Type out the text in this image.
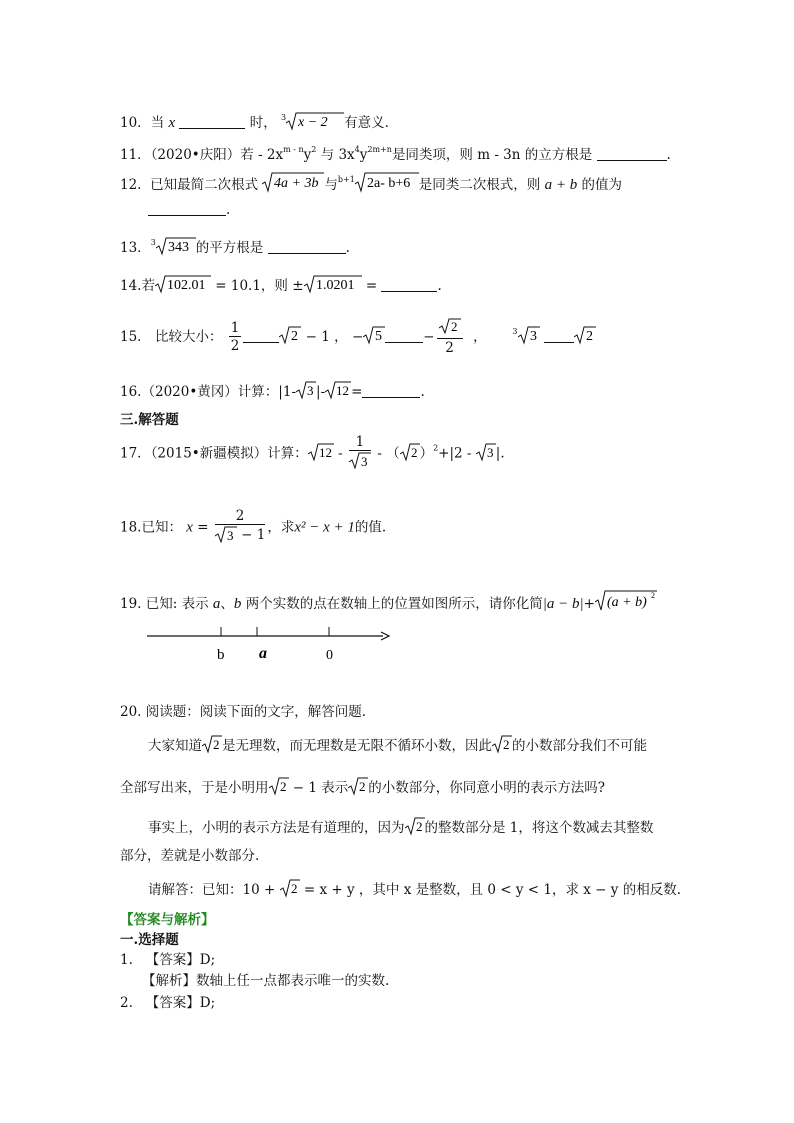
10．当 x	时， $^3$ x − 2 有意义.
11．（2020•庆阳）若 - $2x^{m - n}y^2$ 与 $3x^4y^{2m+n}$是同类项，则 m - 3n 的立方根是	.
12. 已知最简二次根式 4a + 3b 与$^{b+1}$ 2a- b+6 是同类二次根式，则 a + b 的值为
.
13．$^3$ 343 的平方根是	.
14.若 102.01 = 10.1，则 ± 1.0201 =	.
15． 比较大小： $\frac{1}{2}$	2 − 1 ， − 5	− $\frac{2}{2}$ ，	$^3$ 3
	2
16.（2020•黄冈）计算：|1- 3 |- 12 =	.
三.解答题
17．（2015•新疆模拟）计算： $12 - \frac{1}{3}$ - （ 2 ）$^2$+|2 - 3 |.
18.已知： $x = \frac{2}{3 - 1}$ ，求x² − x + 1的值.
19. 已知: 表示 a、b 两个实数的点在数轴上的位置如图所示，请你化简|a − b|+ (a + b) 2
b a	0
20. 阅读题：阅读下面的文字，解答问题.
大家知道 2 是无理数，而无理数是无限不循环小数，因此 2 的小数部分我们不可能
全部写出来，于是小明用 2 − 1 表示 2 的小数部分，你同意小明的表示方法吗?
事实上，小明的表示方法是有道理的，因为 2 的整数部分是 1，将这个数减去其整数
部分，差就是小数部分.
请解答：已知：10 + 2 = x + y ，其中 x 是整数，且 0 < y < 1，求 x − y 的相反数.
【答案与解析】
一.选择题
1. 【答案】D;
【解析】数轴上任一点都表示唯一的实数.
2. 【答案】D;
